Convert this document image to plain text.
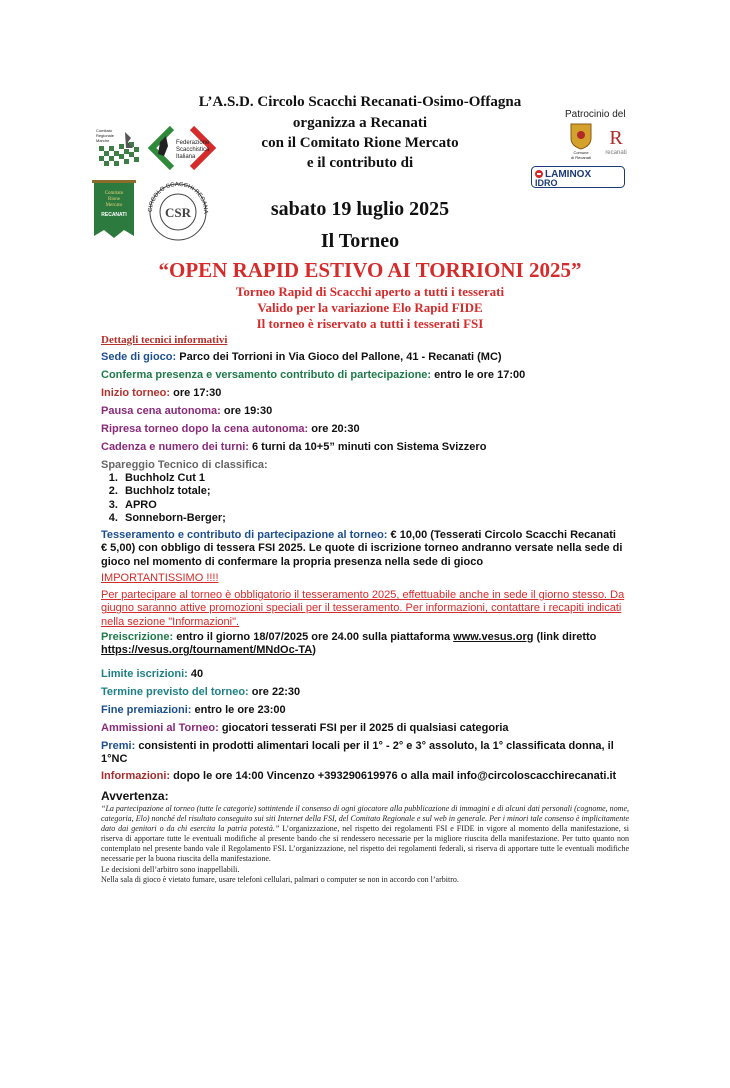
L’A.S.D. Circolo Scacchi Recanati-Osimo-Offagna
organizza a Recanati
con il Comitato Rione Mercato
e il contributo di
Comitato
Regionale
Marche	Federazione
Scacchistica
Italiana
Comitato
Rione
Mercato
RECANATI
CIRCOLO SCACCHI RECANA
CSR
Patrocinio del
Comune
di Recanati
R
recanati
LAMINOX
IDRO
sabato 19 luglio 2025
Il Torneo
“OPEN RAPID ESTIVO AI TORRIONI 2025”
Torneo Rapid di Scacchi aperto a tutti i tesserati
Valido per la variazione Elo Rapid FIDE
Il torneo è riservato a tutti i tesserati FSI
Dettagli tecnici informativi
Sede di gioco: Parco dei Torrioni in Via Gioco del Pallone, 41 - Recanati (MC)
Conferma presenza e versamento contributo di partecipazione: entro le ore 17:00
Inizio torneo: ore 17:30
Pausa cena autonoma: ore 19:30
Ripresa torneo dopo la cena autonoma: ore 20:30
Cadenza e numero dei turni: 6 turni da 10+5” minuti con Sistema Svizzero
Spareggio Tecnico di classifica:
1. Buchholz Cut 1
2. Buchholz totale;
3. APRO
4. Sonneborn-Berger;
Tesseramento e contributo di partecipazione al torneo: € 10,00 (Tesserati Circolo Scacchi Recanati
€ 5,00) con obbligo di tessera FSI 2025. Le quote di iscrizione torneo andranno versate nella sede di
gioco nel momento di confermare la propria presenza nella sede di gioco
IMPORTANTISSIMO !!!!
Per partecipare al torneo è obbligatorio il tesseramento 2025, effettuabile anche in sede il giorno stesso. Da
giugno saranno attive promozioni speciali per il tesseramento. Per informazioni, contattare i recapiti indicati
nella sezione "Informazioni".
Preiscrizione: entro il giorno 18/07/2025 ore 24.00 sulla piattaforma www.vesus.org (link diretto
https://vesus.org/tournament/MNdOc-TA)
Limite iscrizioni: 40
Termine previsto del torneo: ore 22:30
Fine premiazioni: entro le ore 23:00
Ammissioni al Torneo: giocatori tesserati FSI per il 2025 di qualsiasi categoria
Premi: consistenti in prodotti alimentari locali per il 1° - 2° e 3° assoluto, la 1° classificata donna, il
1°NC
Informazioni: dopo le ore 14:00 Vincenzo +393290619976 o alla mail info@circoloscacchirecanati.it
Avvertenza:
“La partecipazione al torneo (tutte le categorie) sottintende il consenso di ogni giocatore alla pubblicazione di immagini e di alcuni dati personali (cognome, nome, categoria, Elo) nonché del risultato conseguito sui siti Internet della FSI, del Comitato Regionale e sul web in generale. Per i minori tale consenso è implicitamente dato dai genitori o da chi esercita la patria potestà.” L’organizzazione, nel rispetto dei regolamenti FSI e FIDE in vigore al momento della manifestazione, si riserva di apportare tutte le eventuali modifiche al presente bando che si rendessero necessarie per la migliore riuscita della manifestazione. Per tutto quanto non contemplato nel presente bando vale il Regolamento FSI. L’organizzazione, nel rispetto dei regolamenti federali, si riserva di apportare tutte le eventuali modifiche necessarie per la buona riuscita della manifestazione.
Le decisioni dell’arbitro sono inappellabili.
Nella sala di gioco è vietato fumare, usare telefoni cellulari, palmari o computer se non in accordo con l’arbitro.
